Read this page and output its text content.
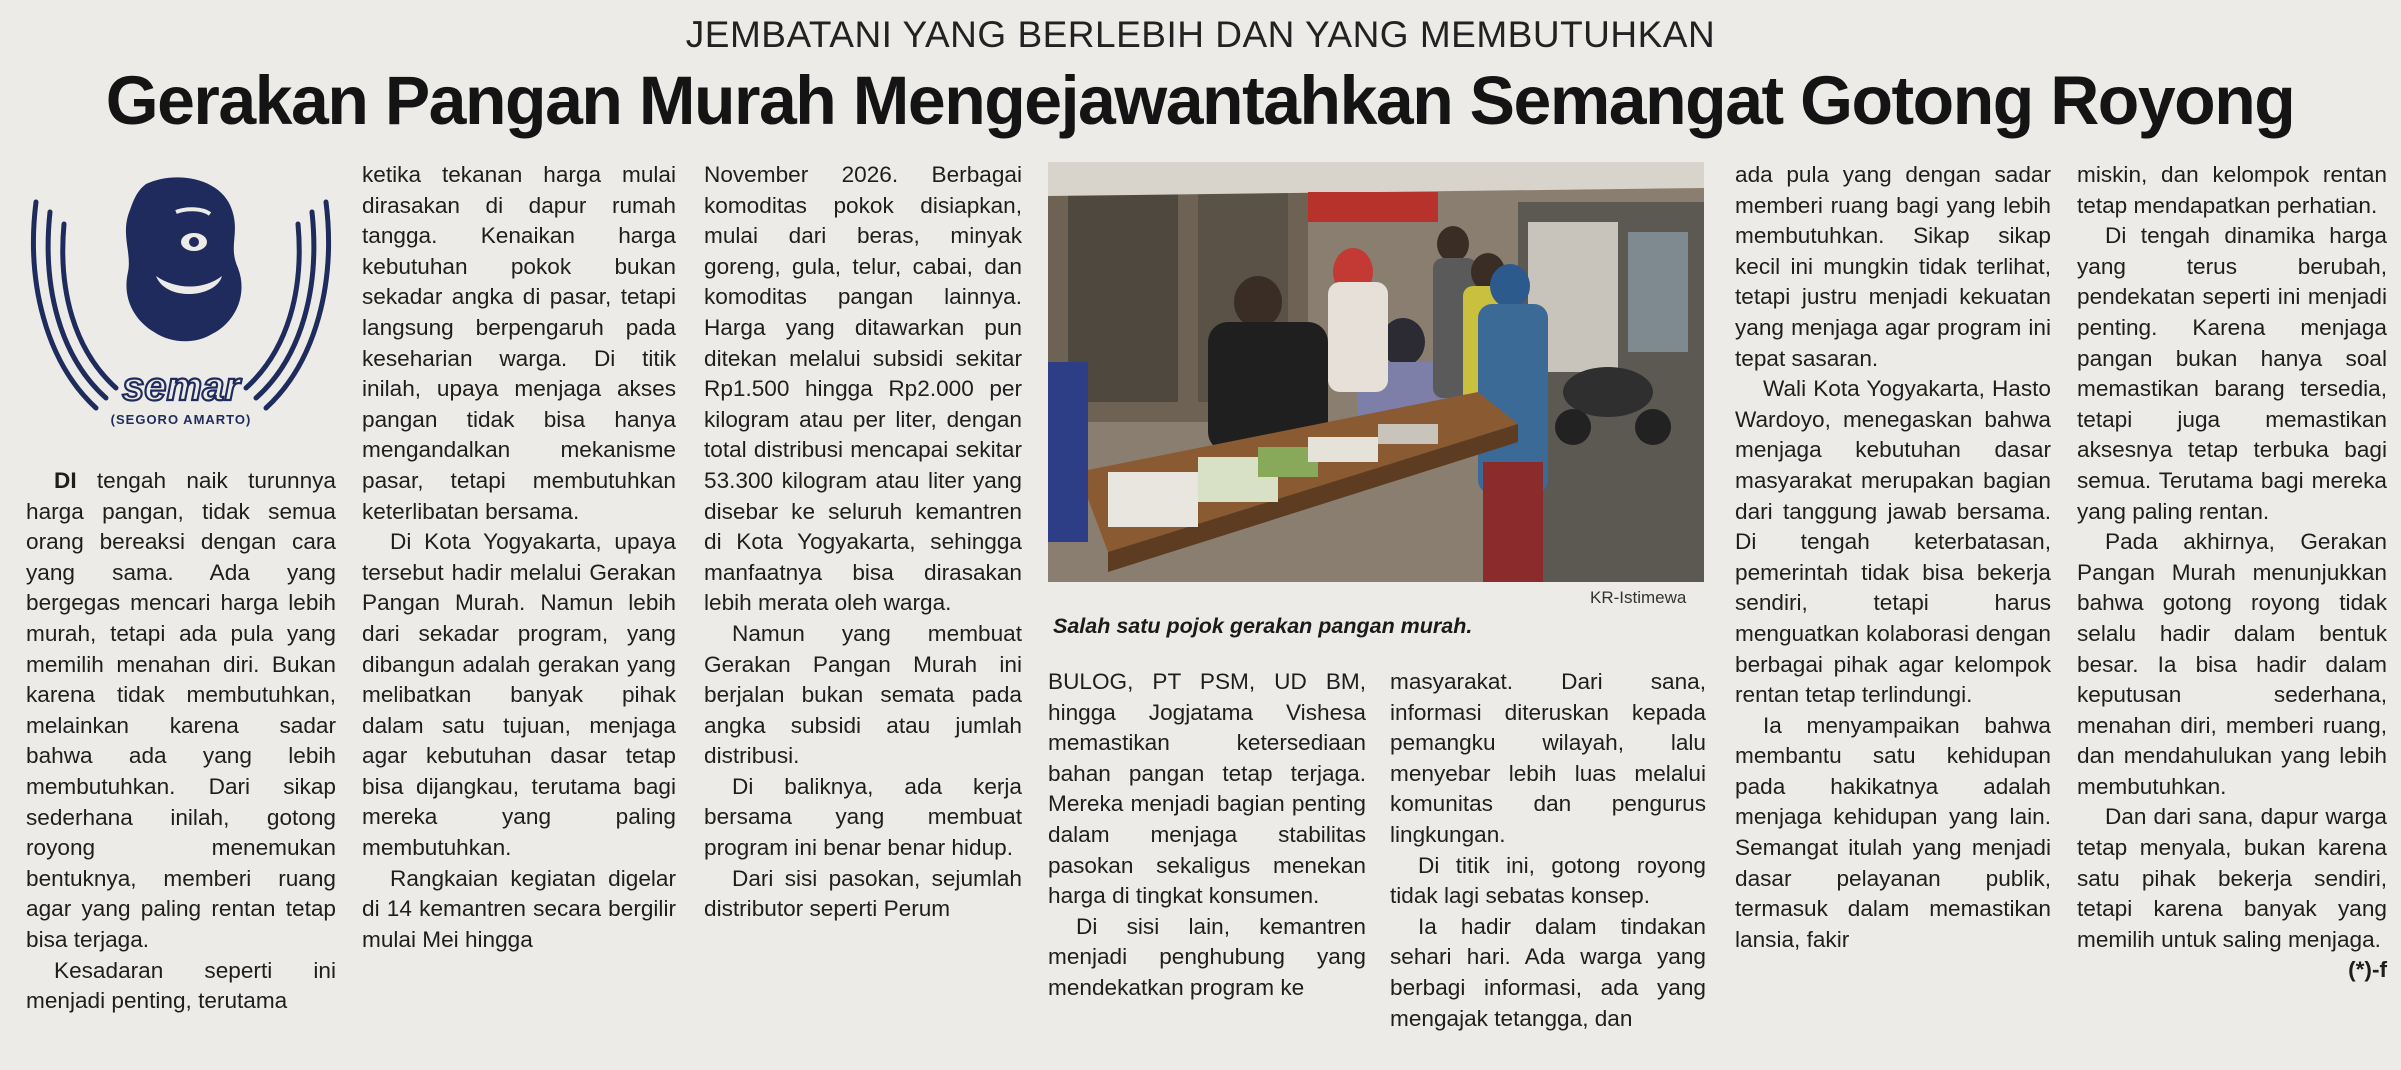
JEMBATANI YANG BERLEBIH DAN YANG MEMBUTUHKAN
Gerakan Pangan Murah Mengejawantahkan Semangat Gotong Royong
semar
(SEGORO AMARTO)

DI tengah naik turunnya harga pangan, tidak semua orang bereaksi dengan cara yang sama. Ada yang bergegas mencari harga lebih murah, tetapi ada pula yang memilih menahan diri. Bukan karena tidak membutuhkan, melainkan karena sadar bahwa ada yang lebih membutuhkan. Dari sikap sederhana inilah, gotong royong menemukan bentuknya, memberi ruang agar yang paling rentan tetap bisa terjaga.

Kesadaran seperti ini menjadi penting, terutama

ketika tekanan harga mulai dirasakan di dapur rumah tangga. Kenaikan harga kebutuhan pokok bukan sekadar angka di pasar, tetapi langsung berpengaruh pada keseharian warga. Di titik inilah, upaya menjaga akses pangan tidak bisa hanya mengandalkan mekanisme pasar, tetapi membutuhkan keterlibatan bersama.

Di Kota Yogyakarta, upaya tersebut hadir melalui Gerakan Pangan Murah. Namun lebih dari sekadar program, yang dibangun adalah gerakan yang melibatkan banyak pihak dalam satu tujuan, menjaga agar kebutuhan dasar tetap bisa dijangkau, terutama bagi mereka yang paling membutuhkan.

Rangkaian kegiatan digelar di 14 kemantren secara bergilir mulai Mei hingga

November 2026. Berbagai komoditas pokok disiapkan, mulai dari beras, minyak goreng, gula, telur, cabai, dan komoditas pangan lainnya. Harga yang ditawarkan pun ditekan melalui subsidi sekitar Rp1.500 hingga Rp2.000 per kilogram atau per liter, dengan total distribusi mencapai sekitar 53.300 kilogram atau liter yang disebar ke seluruh kemantren di Kota Yogyakarta, sehingga manfaatnya bisa dirasakan lebih merata oleh warga.

Namun yang membuat Gerakan Pangan Murah ini berjalan bukan semata pada angka subsidi atau jumlah distribusi.

Di baliknya, ada kerja bersama yang membuat program ini benar benar hidup.

Dari sisi pasokan, sejumlah distributor seperti Perum

KR-Istimewa
Salah satu pojok gerakan pangan murah.

BULOG, PT PSM, UD BM, hingga Jogjatama Vishesa memastikan ketersediaan bahan pangan tetap terjaga. Mereka menjadi bagian penting dalam menjaga stabilitas pasokan sekaligus menekan harga di tingkat konsumen.

Di sisi lain, kemantren menjadi penghubung yang mendekatkan program ke

masyarakat. Dari sana, informasi diteruskan kepada pemangku wilayah, lalu menyebar lebih luas melalui komunitas dan pengurus lingkungan.

Di titik ini, gotong royong tidak lagi sebatas konsep.

Ia hadir dalam tindakan sehari hari. Ada warga yang berbagi informasi, ada yang mengajak tetangga, dan

ada pula yang dengan sadar memberi ruang bagi yang lebih membutuhkan. Sikap sikap kecil ini mungkin tidak terlihat, tetapi justru menjadi kekuatan yang menjaga agar program ini tepat sasaran.

Wali Kota Yogyakarta, Hasto Wardoyo, menegaskan bahwa menjaga kebutuhan dasar masyarakat merupakan bagian dari tanggung jawab bersama. Di tengah keterbatasan, pemerintah tidak bisa bekerja sendiri, tetapi harus menguatkan kolaborasi dengan berbagai pihak agar kelompok rentan tetap terlindungi.

Ia menyampaikan bahwa membantu satu kehidupan pada hakikatnya adalah menjaga kehidupan yang lain. Semangat itulah yang menjadi dasar pelayanan publik, termasuk dalam memastikan lansia, fakir

miskin, dan kelompok rentan tetap mendapatkan perhatian.

Di tengah dinamika harga yang terus berubah, pendekatan seperti ini menjadi penting. Karena menjaga pangan bukan hanya soal memastikan barang tersedia, tetapi juga memastikan aksesnya tetap terbuka bagi semua. Terutama bagi mereka yang paling rentan.

Pada akhirnya, Gerakan Pangan Murah menunjukkan bahwa gotong royong tidak selalu hadir dalam bentuk besar. Ia bisa hadir dalam keputusan sederhana, menahan diri, memberi ruang, dan mendahulukan yang lebih membutuhkan.

Dan dari sana, dapur warga tetap menyala, bukan karena satu pihak bekerja sendiri, tetapi karena banyak yang memilih untuk saling menjaga.
(*)-f
